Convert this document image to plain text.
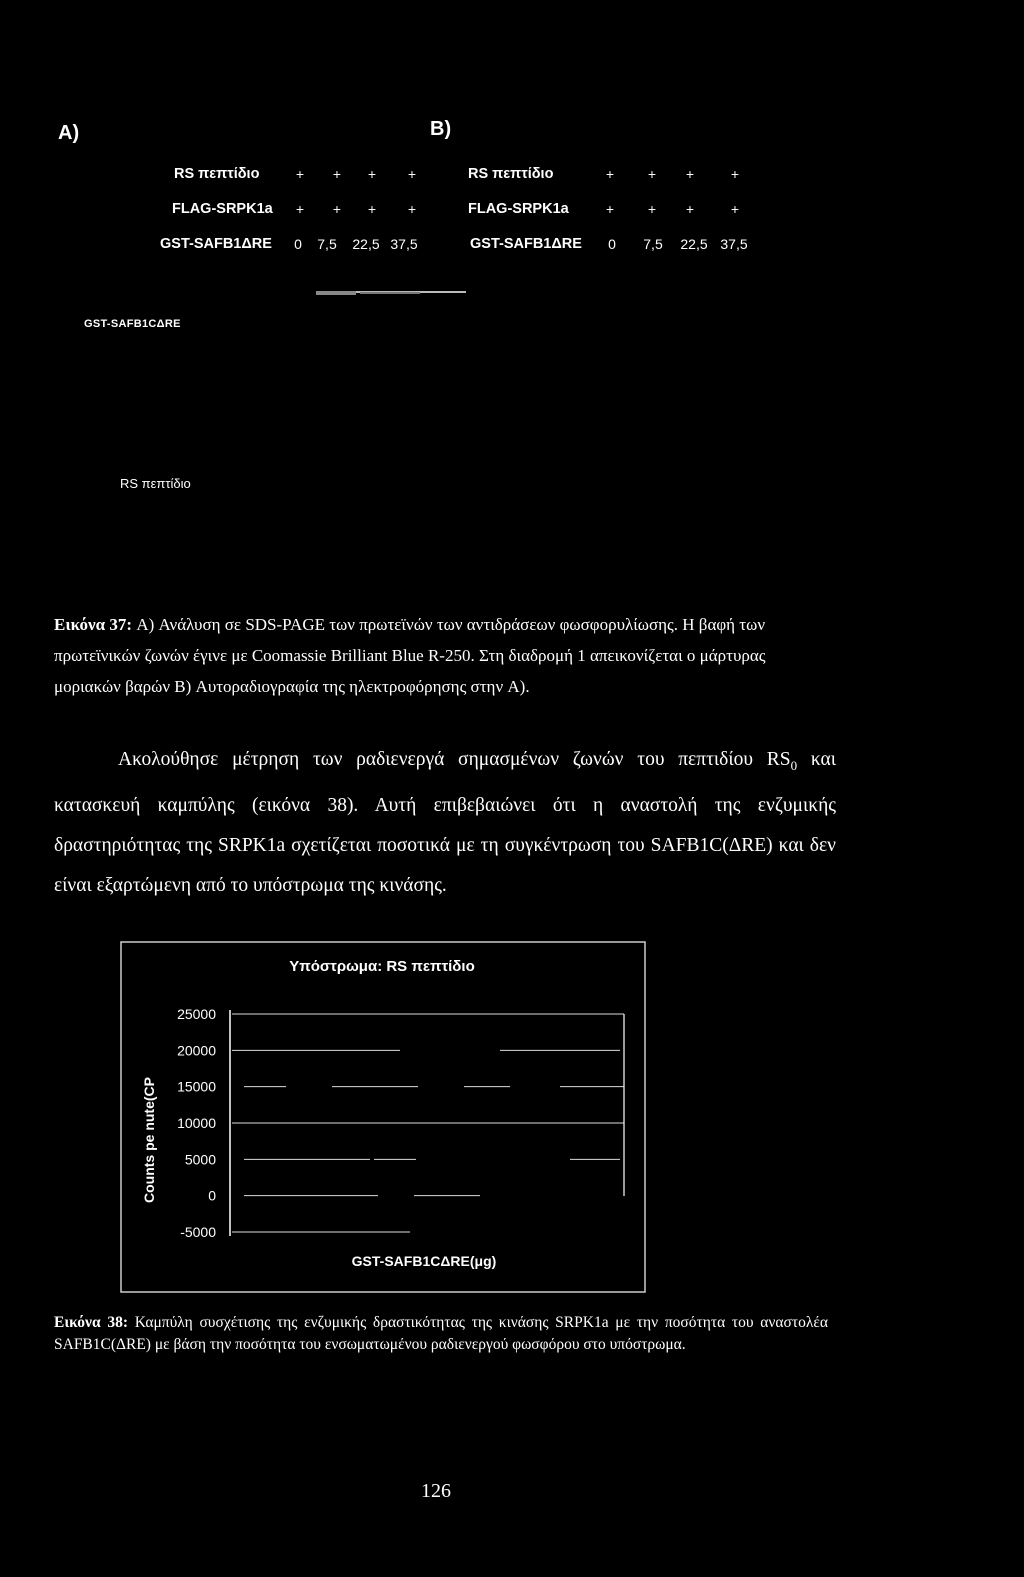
A)	B)
RS πεπτίδιο	+	+	+	+
FLAG-SRPK1a	+	+	+	+
GST-SAFB1ΔRE	0	7,5	22,5 37,5
RS πεπτίδιο	+	+	+	+
FLAG-SRPK1a	+	+	+	+
GST-SAFB1ΔRE	0	7,5	22,5 37,5
GST-SAFB1CΔRE
RS πεπτίδιο
Εικόνα 37: A) Ανάλυση σε SDS-PAGE των πρωτεϊνών των αντιδράσεων φωσφορυλίωσης. Η βαφή των πρωτεϊνικών ζωνών έγινε με Coomassie Brilliant Blue R-250. Στη διαδρομή 1 απεικονίζεται ο μάρτυρας μοριακών βαρών B) Αυτοραδιογραφία της ηλεκτροφόρησης στην A).
Ακολούθησε μέτρηση των ραδιενεργά σημασμένων ζωνών του πεπτιδίου $RS_0$ και κατασκευή καμπύλης (εικόνα 38). Αυτή επιβεβαιώνει ότι η αναστολή της ενζυμικής δραστηριότητας της SRPK1a σχετίζεται ποσοτικά με τη συγκέντρωση του SAFB1C(ΔRE) και δεν είναι εξαρτώμενη από το υπόστρωμα της κινάσης.
Υπόστρωμα: RS πεπτίδιο
Counts pe nute(CP
GST-SAFB1CΔRE(μg)
25000
20000
15000
10000
5000
0
-5000
Εικόνα 38: Καμπύλη συσχέτισης της ενζυμικής δραστικότητας της κινάσης SRPK1a με την ποσότητα του αναστολέα SAFB1C(ΔRE) με βάση την ποσότητα του ενσωματωμένου ραδιενεργού φωσφόρου στο υπόστρωμα.
126
